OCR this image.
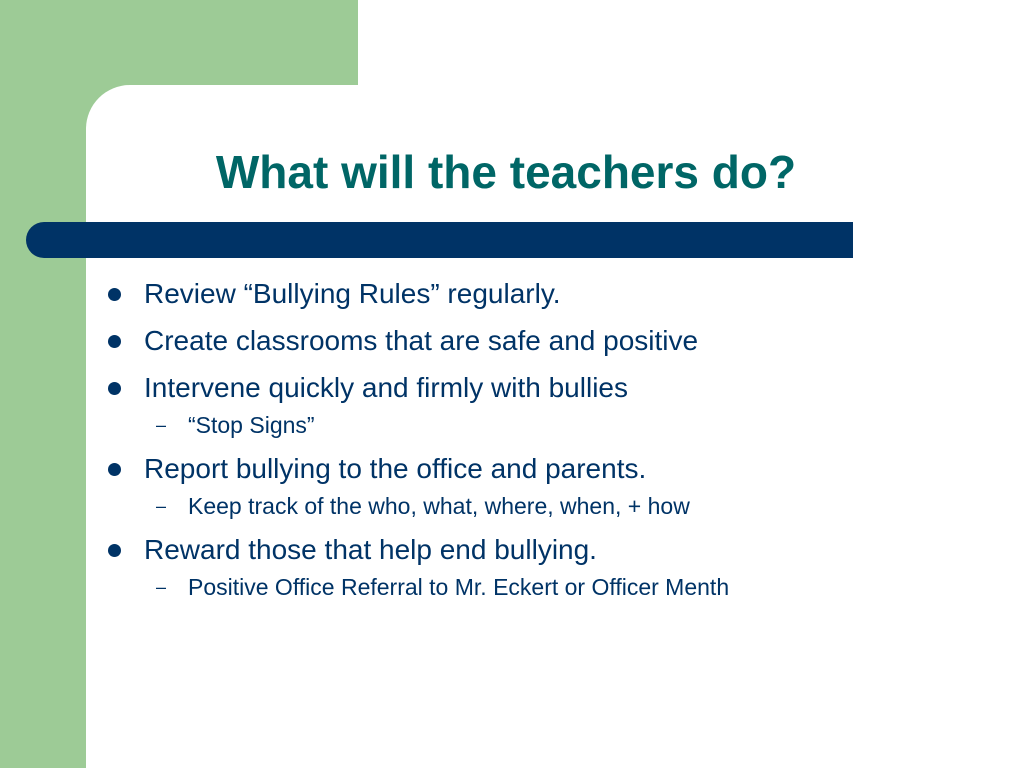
What will the teachers do?
Review “Bullying Rules” regularly.
Create classrooms that are safe and positive
Intervene quickly and firmly with bullies
– “Stop Signs”
Report bullying to the office and parents.
– Keep track of the who, what, where, when, + how
Reward those that help end bullying.
– Positive Office Referral to Mr. Eckert or Officer Menth
